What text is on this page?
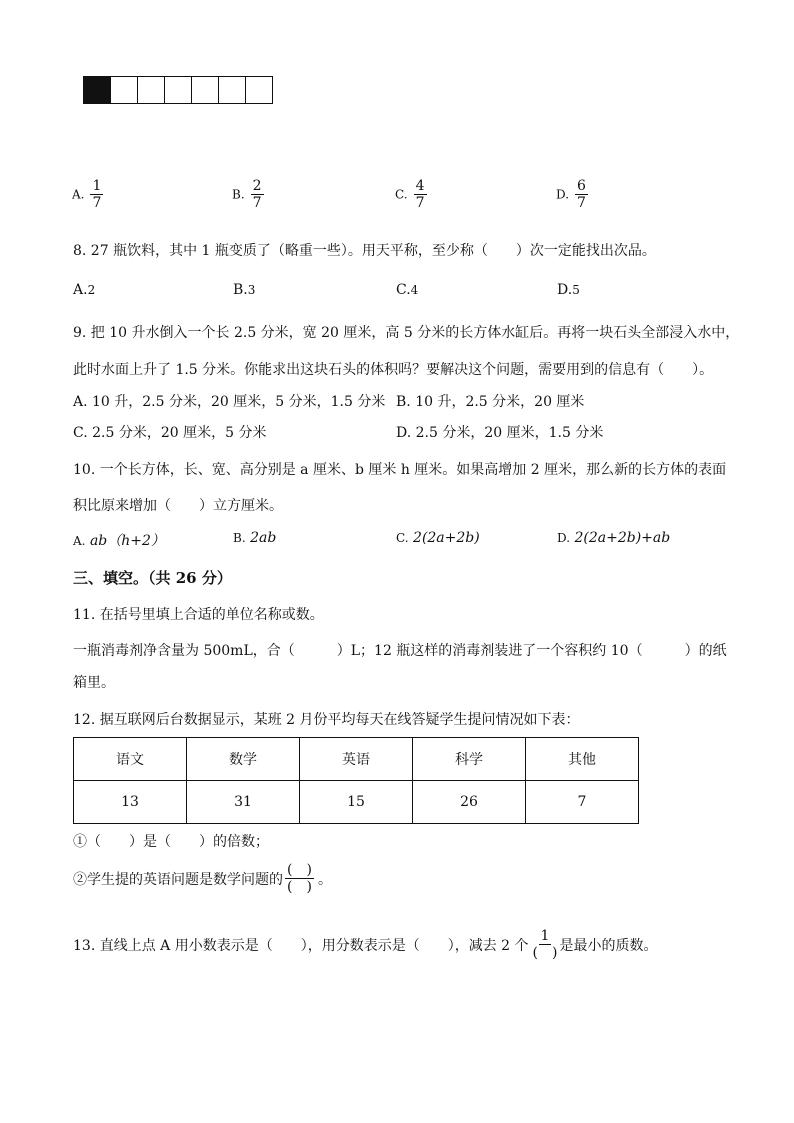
A. $\frac{1}{7}$	B. $\frac{2}{7}$	C. $\frac{4}{7}$	D. $\frac{6}{7}$
8. 27 瓶饮料，其中 1 瓶变质了（略重一些）。用天平称，至少称（　　）次一定能找出次品。
A.2	B.3	C.4	D.5
9. 把 10 升水倒入一个长 2.5 分米，宽 20 厘米，高 5 分米的长方体水缸后。再将一块石头全部浸入水中，
此时水面上升了 1.5 分米。你能求出这块石头的体积吗？要解决这个问题，需要用到的信息有（　　）。
A. 10 升，2.5 分米，20 厘米，5 分米，1.5 分米 B. 10 升，2.5 分米，20 厘米
C. 2.5 分米，20 厘米，5 分米	D. 2.5 分米，20 厘米，1.5 分米
10. 一个长方体，长、宽、高分别是 a 厘米、b 厘米 h 厘米。如果高增加 2 厘米，那么新的长方体的表面
积比原来增加（　　）立方厘米。
A. ab（h+2）	B. 2ab	C. 2(2a+2b)	D. 2(2a+2b)+ab
三、填空。（共 26 分）
11. 在括号里填上合适的单位名称或数。
一瓶消毒剂净含量为 500mL，合（　　　）L；12 瓶这样的消毒剂装进了一个容积约 10（　　　）的纸
箱里。
12. 据互联网后台数据显示，某班 2 月份平均每天在线答疑学生提问情况如下表：
语文	数学	英语	科学	其他
13	31	15	26	7
①（　　）是（　　）的倍数；
②学生提的英语问题是数学问题的 $\frac{( )}{( )}$ 。
13. 直线上点 A 用小数表示是（　　），用分数表示是（　　），减去 2 个 $\frac{1}{( )}$ 是最小的质数。
